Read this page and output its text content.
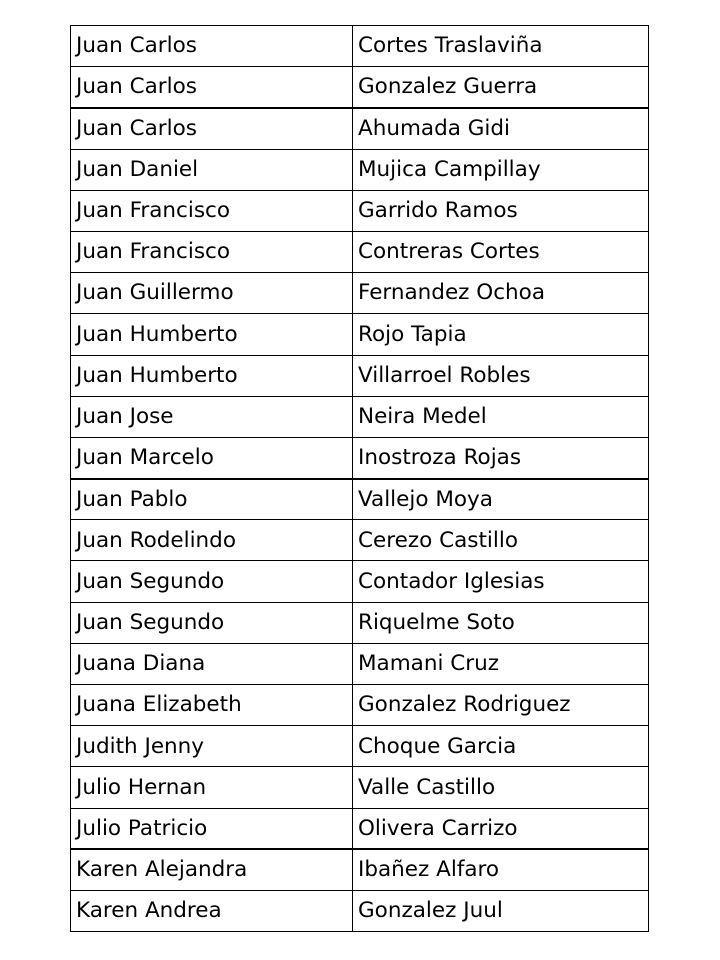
Juan Carlos	Cortes Traslaviña
Juan Carlos	Gonzalez Guerra
Juan Carlos	Ahumada Gidi
Juan Daniel	Mujica Campillay
Juan Francisco	Garrido Ramos
Juan Francisco	Contreras Cortes
Juan Guillermo	Fernandez Ochoa
Juan Humberto	Rojo Tapia
Juan Humberto	Villarroel Robles
Juan Jose	Neira Medel
Juan Marcelo	Inostroza Rojas
Juan Pablo	Vallejo Moya
Juan Rodelindo	Cerezo Castillo
Juan Segundo	Contador Iglesias
Juan Segundo	Riquelme Soto
Juana Diana	Mamani Cruz
Juana Elizabeth	Gonzalez Rodriguez
Judith Jenny	Choque Garcia
Julio Hernan	Valle Castillo
Julio Patricio	Olivera Carrizo
Karen Alejandra	Ibañez Alfaro
Karen Andrea	Gonzalez Juul
